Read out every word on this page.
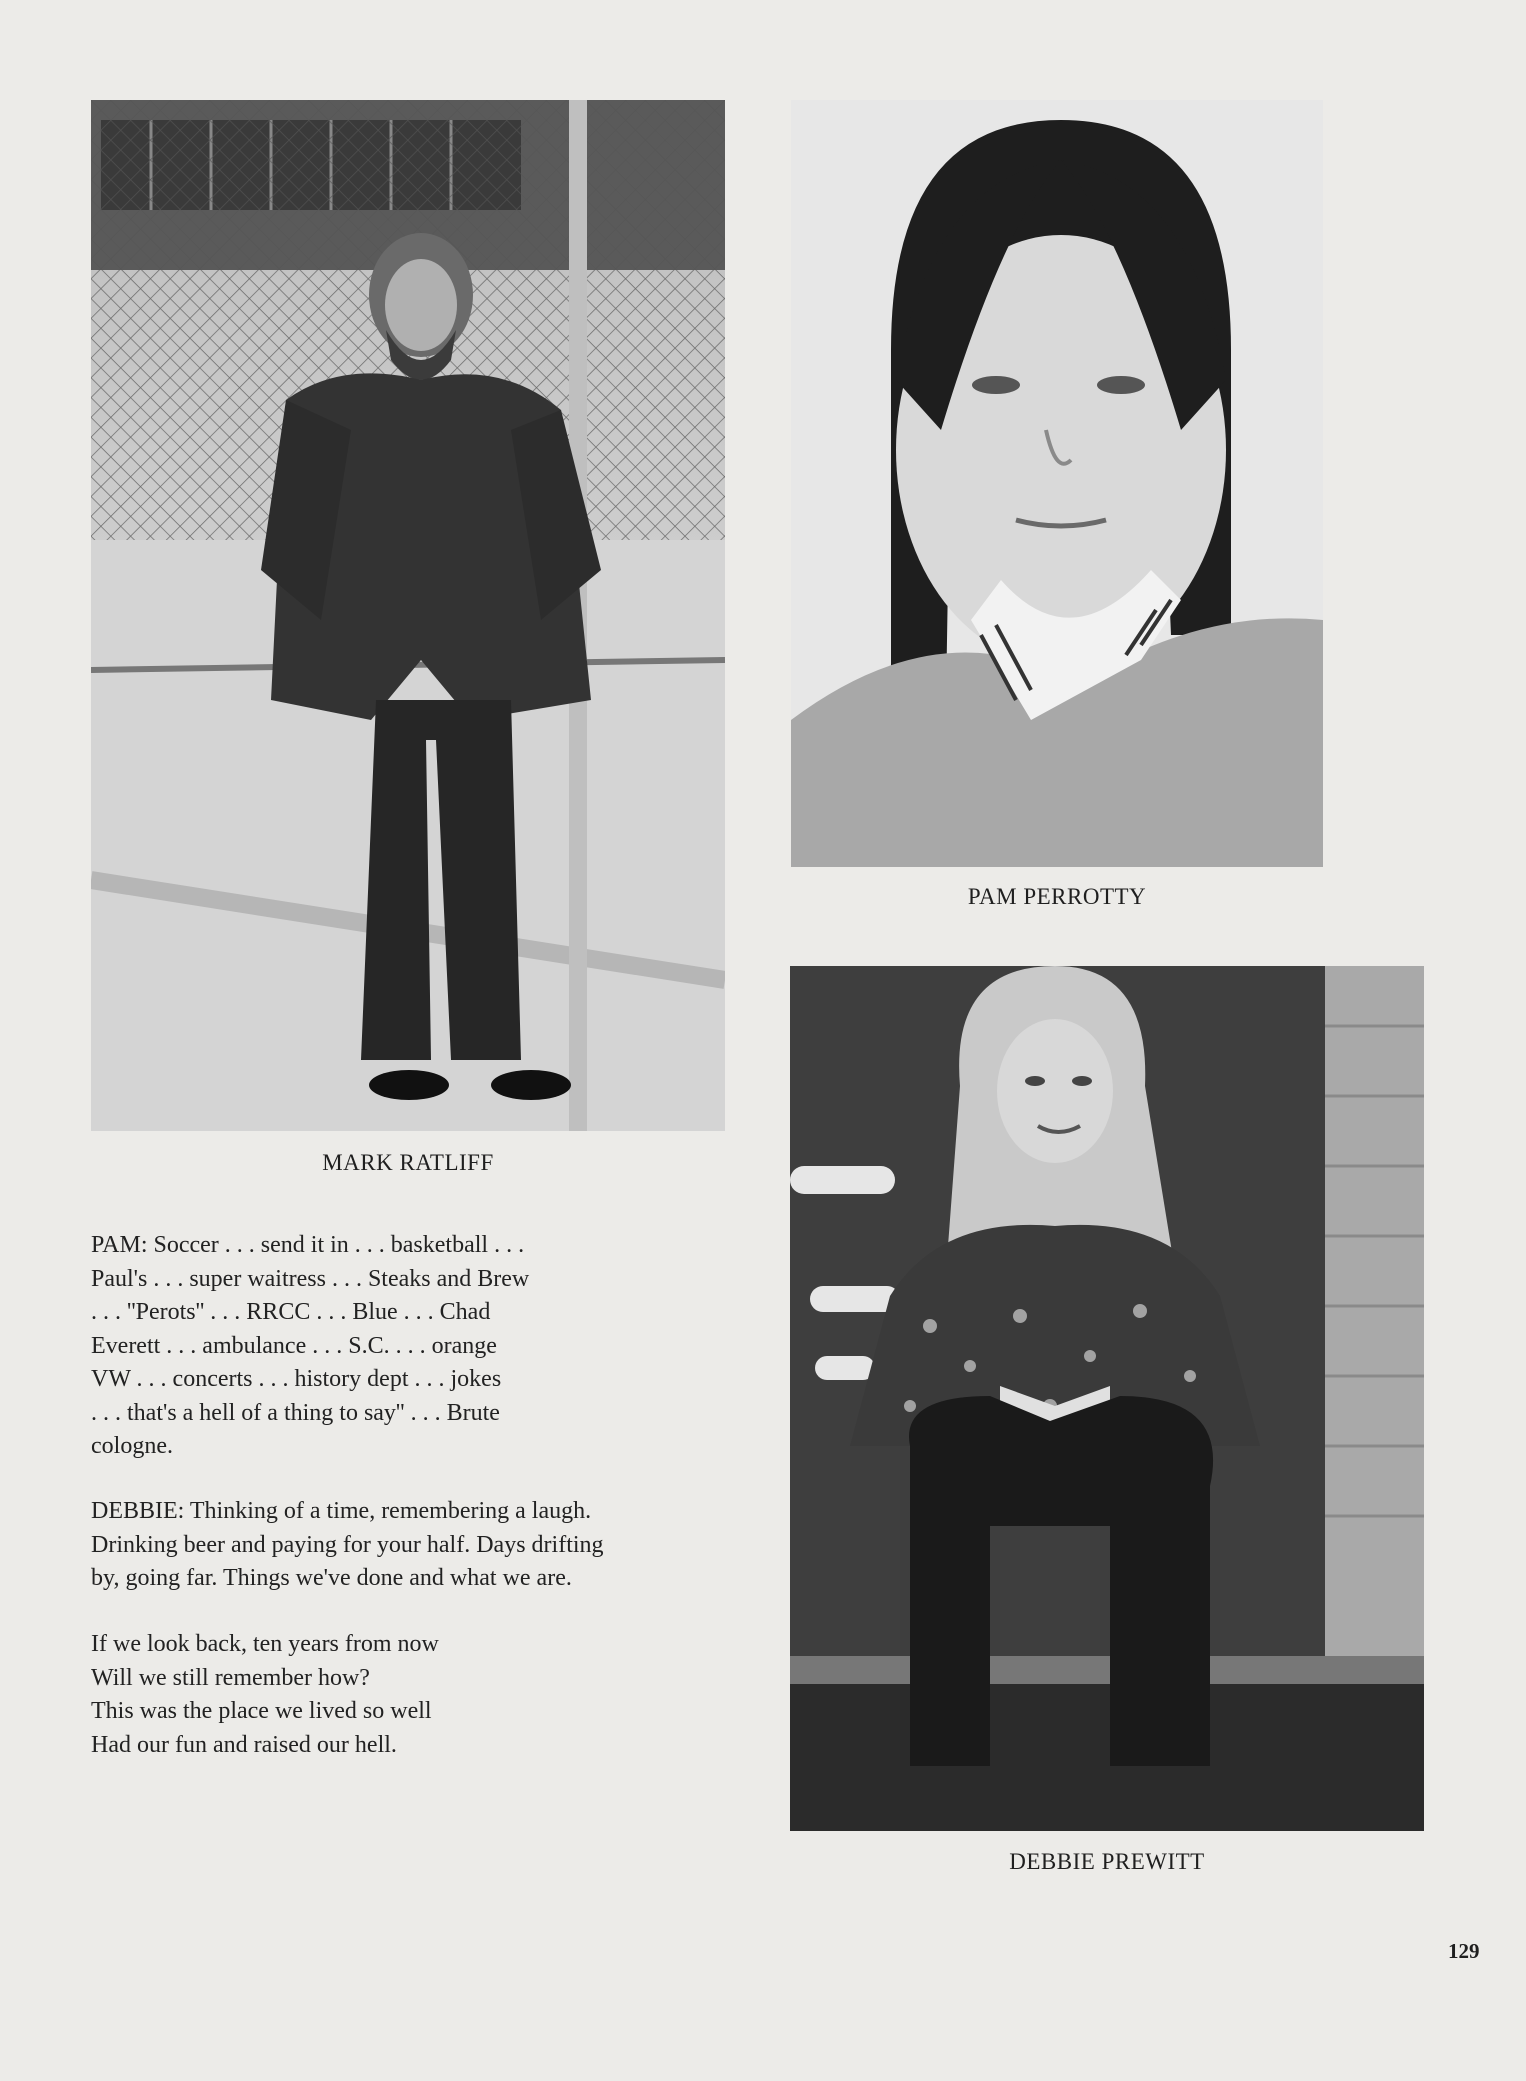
MARK RATLIFF
PAM PERROTTY
DEBBIE PREWITT
PAM: Soccer . . . send it in . . . basketball . . .
Paul's . . . super waitress . . . Steaks and Brew
. . . ''Perots'' . . . RRCC . . . Blue . . . Chad
Everett . . . ambulance . . . S.C. . . . orange
VW . . . concerts . . . history dept . . . jokes
. . . that's a hell of a thing to say'' . . . Brute
cologne.
DEBBIE: Thinking of a time, remembering a laugh.
Drinking beer and paying for your half. Days drifting
by, going far. Things we've done and what we are.
If we look back, ten years from now
Will we still remember how?
This was the place we lived so well
Had our fun and raised our hell.
129
